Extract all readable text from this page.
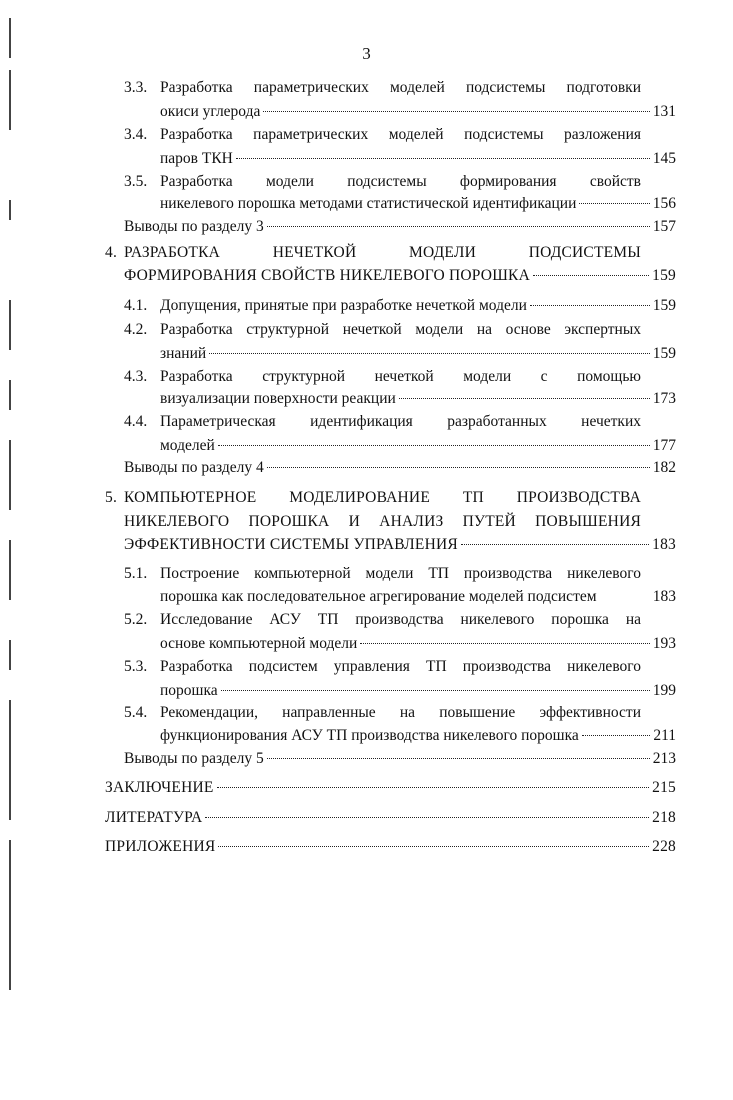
3
3.3. Разработка параметрических моделей подсистемы подготовки
окиси углерода	131
3.4. Разработка параметрических моделей подсистемы разложения
паров ТКН	145
3.5. Разработка модели подсистемы формирования свойств
никелевого порошка методами статистической идентификации	156
Выводы по разделу 3	157
4. РАЗРАБОТКА НЕЧЕТКОЙ МОДЕЛИ ПОДСИСТЕМЫ
ФОРМИРОВАНИЯ СВОЙСТВ НИКЕЛЕВОГО ПОРОШКА	159
4.1. Допущения, принятые при разработке нечеткой модели	159
4.2. Разработка структурной нечеткой модели на основе экспертных
знаний	159
4.3. Разработка структурной нечеткой модели с помощью
визуализации поверхности реакции	173
4.4. Параметрическая идентификация разработанных нечетких
моделей	177
Выводы по разделу 4	182
5. КОМПЬЮТЕРНОЕ МОДЕЛИРОВАНИЕ ТП ПРОИЗВОДСТВА
НИКЕЛЕВОГО ПОРОШКА И АНАЛИЗ ПУТЕЙ ПОВЫШЕНИЯ
ЭФФЕКТИВНОСТИ СИСТЕМЫ УПРАВЛЕНИЯ	183
5.1. Построение компьютерной модели ТП производства никелевого
порошка как последовательное агрегирование моделей подсистем	183
5.2. Исследование АСУ ТП производства никелевого порошка на
основе компьютерной модели	193
5.3. Разработка подсистем управления ТП производства никелевого
порошка	199
5.4. Рекомендации, направленные на повышение эффективности
функционирования АСУ ТП производства никелевого порошка	211
Выводы по разделу 5	213
ЗАКЛЮЧЕНИЕ	215
ЛИТЕРАТУРА	218
ПРИЛОЖЕНИЯ	228
